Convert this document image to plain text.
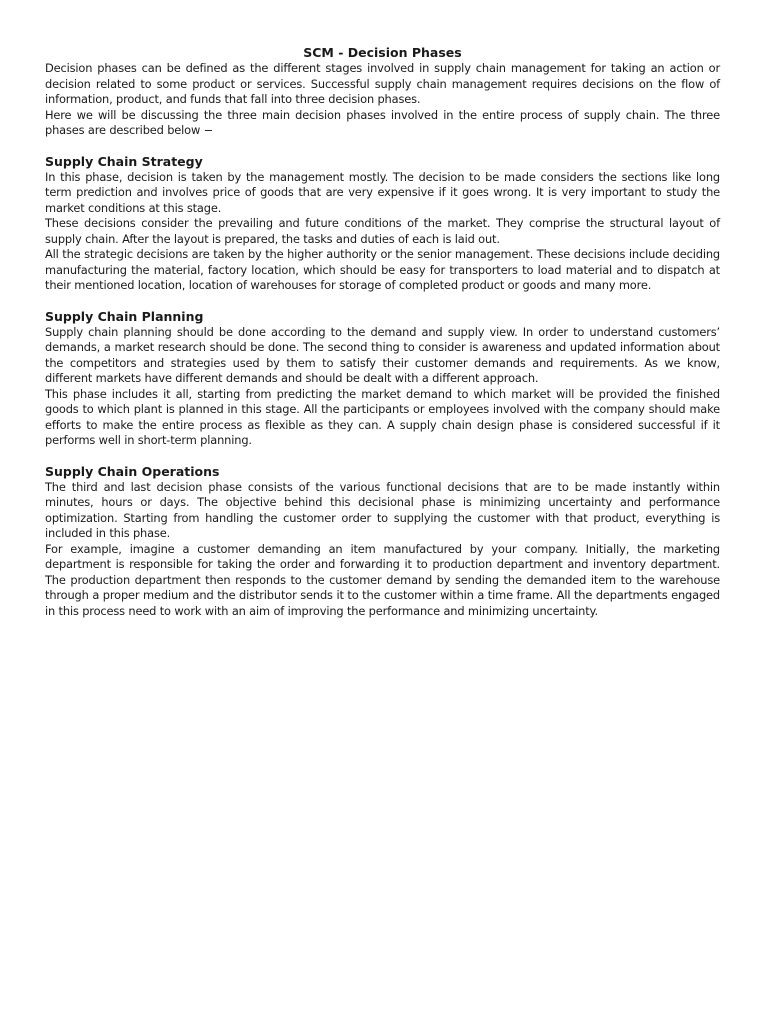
SCM - Decision Phases

Decision phases can be defined as the different stages involved in supply chain management for taking an action or decision related to some product or services. Successful supply chain management requires decisions on the flow of information, product, and funds that fall into three decision phases.

Here we will be discussing the three main decision phases involved in the entire process of supply chain. The three phases are described below −

Supply Chain Strategy

In this phase, decision is taken by the management mostly. The decision to be made considers the sections like long term prediction and involves price of goods that are very expensive if it goes wrong. It is very important to study the market conditions at this stage.

These decisions consider the prevailing and future conditions of the market. They comprise the structural layout of supply chain. After the layout is prepared, the tasks and duties of each is laid out.

All the strategic decisions are taken by the higher authority or the senior management. These decisions include deciding manufacturing the material, factory location, which should be easy for transporters to load material and to dispatch at their mentioned location, location of warehouses for storage of completed product or goods and many more.

Supply Chain Planning

Supply chain planning should be done according to the demand and supply view. In order to understand customers’ demands, a market research should be done. The second thing to consider is awareness and updated information about the competitors and strategies used by them to satisfy their customer demands and requirements. As we know, different markets have different demands and should be dealt with a different approach.

This phase includes it all, starting from predicting the market demand to which market will be provided the finished goods to which plant is planned in this stage. All the participants or employees involved with the company should make efforts to make the entire process as flexible as they can. A supply chain design phase is considered successful if it performs well in short-term planning.

Supply Chain Operations

The third and last decision phase consists of the various functional decisions that are to be made instantly within minutes, hours or days. The objective behind this decisional phase is minimizing uncertainty and performance optimization. Starting from handling the customer order to supplying the customer with that product, everything is included in this phase.

For example, imagine a customer demanding an item manufactured by your company. Initially, the marketing department is responsible for taking the order and forwarding it to production department and inventory department. The production department then responds to the customer demand by sending the demanded item to the warehouse through a proper medium and the distributor sends it to the customer within a time frame. All the departments engaged in this process need to work with an aim of improving the performance and minimizing uncertainty.
